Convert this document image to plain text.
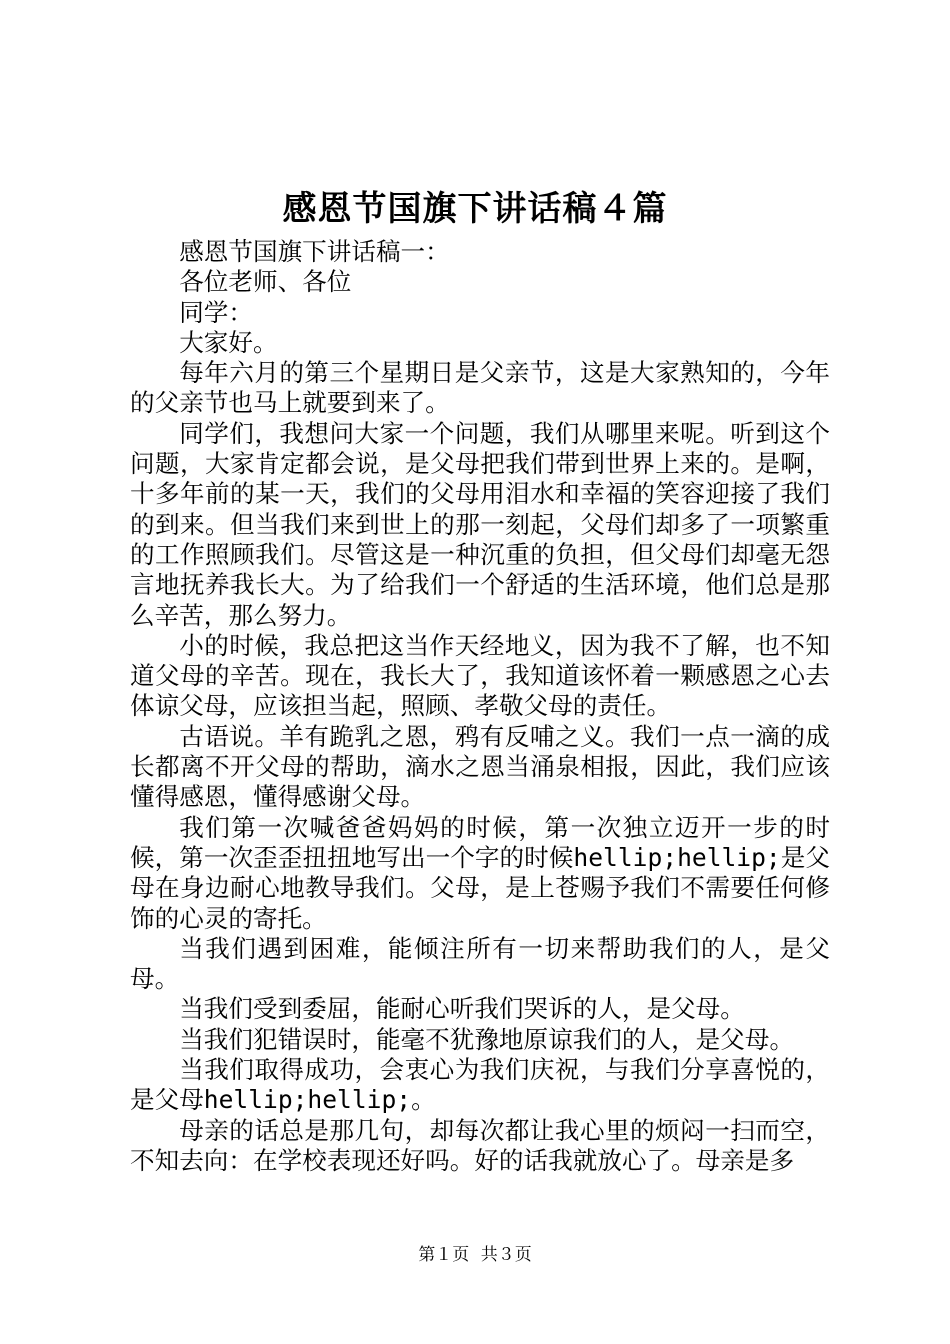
感恩节国旗下讲话稿４篇

感恩节国旗下讲话稿一：

各位老师、各位

同学：

大家好。

每年六月的第三个星期日是父亲节，这是大家熟知的，今年的父亲节也马上就要到来了。

同学们，我想问大家一个问题，我们从哪里来呢。听到这个问题，大家肯定都会说，是父母把我们带到世界上来的。是啊，十多年前的某一天，我们的父母用泪水和幸福的笑容迎接了我们的到来。但当我们来到世上的那一刻起，父母们却多了一项繁重的工作照顾我们。尽管这是一种沉重的负担，但父母们却毫无怨言地抚养我长大。为了给我们一个舒适的生活环境，他们总是那么辛苦，那么努力。

小的时候，我总把这当作天经地义，因为我不了解，也不知道父母的辛苦。现在，我长大了，我知道该怀着一颗感恩之心去体谅父母，应该担当起，照顾、孝敬父母的责任。

古语说。羊有跪乳之恩，鸦有反哺之义。我们一点一滴的成长都离不开父母的帮助，滴水之恩当涌泉相报，因此，我们应该懂得感恩，懂得感谢父母。

我们第一次喊爸爸妈妈的时候，第一次独立迈开一步的时候，第一次歪歪扭扭地写出一个字的时候hellip;hellip;是父母在身边耐心地教导我们。父母，是上苍赐予我们不需要任何修饰的心灵的寄托。

当我们遇到困难，能倾注所有一切来帮助我们的人，是父母。

当我们受到委屈，能耐心听我们哭诉的人，是父母。

当我们犯错误时，能毫不犹豫地原谅我们的人，是父母。

当我们取得成功，会衷心为我们庆祝，与我们分享喜悦的，是父母hellip;hellip;。

母亲的话总是那几句，却每次都让我心里的烦闷一扫而空，不知去向：在学校表现还好吗。好的话我就放心了。母亲是多

第１页 共３页
